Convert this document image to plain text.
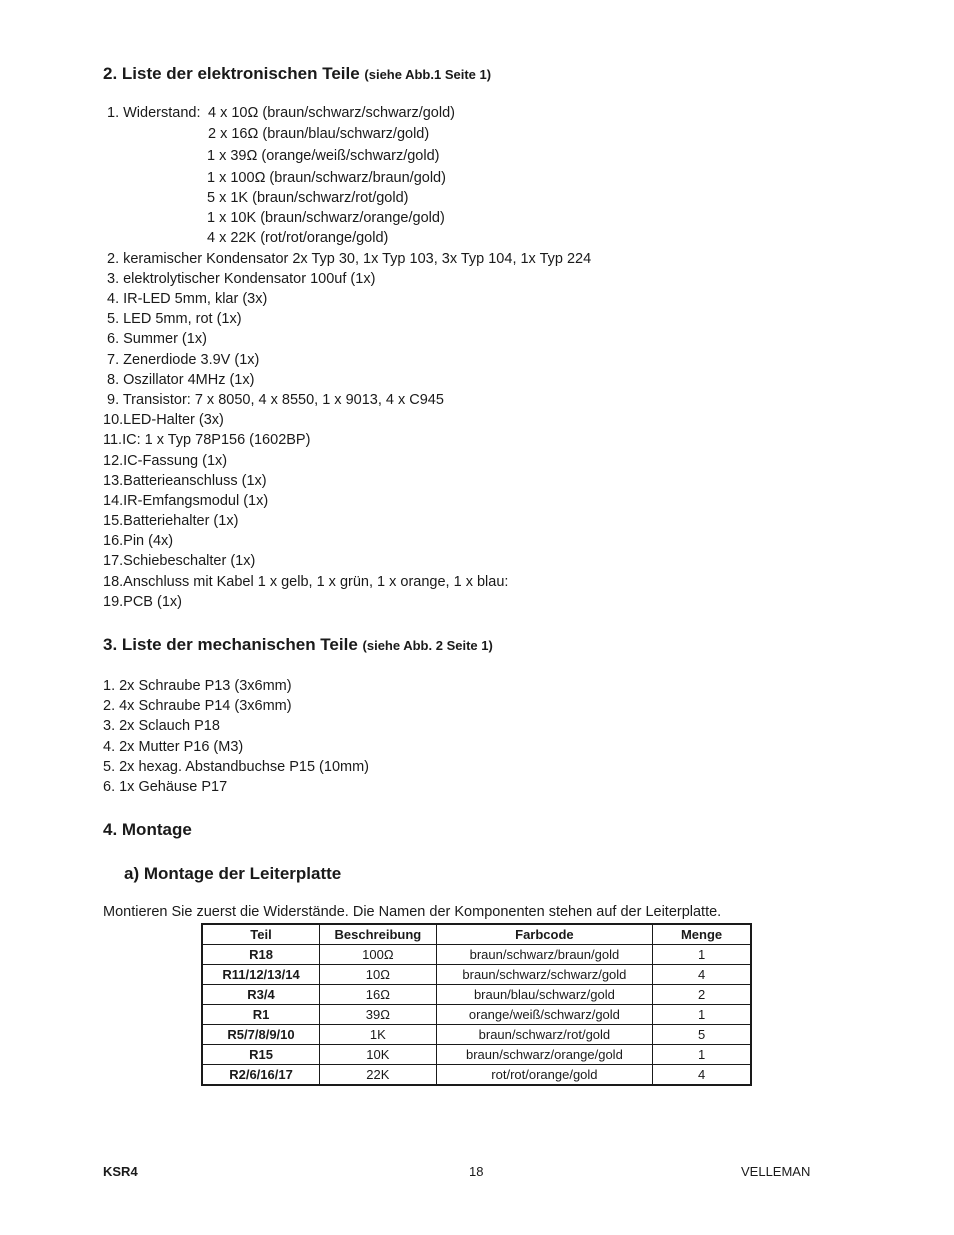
2. Liste der elektronischen Teile (siehe Abb.1 Seite 1)
1. Widerstand: 4 x 10Ω (braun/schwarz/schwarz/gold)
2 x 16Ω (braun/blau/schwarz/gold)
1 x 39Ω (orange/weiß/schwarz/gold)
1 x 100Ω (braun/schwarz/braun/gold)
5 x 1K (braun/schwarz/rot/gold)
1 x 10K (braun/schwarz/orange/gold)
4 x 22K (rot/rot/orange/gold)
2. keramischer Kondensator 2x Typ 30, 1x Typ 103, 3x Typ 104, 1x Typ 224
3. elektrolytischer Kondensator 100uf (1x)
4. IR-LED 5mm, klar (3x)
5. LED 5mm, rot (1x)
6. Summer (1x)
7. Zenerdiode 3.9V (1x)
8. Oszillator 4MHz (1x)
9. Transistor: 7 x 8050, 4 x 8550, 1 x 9013, 4 x C945
10.LED-Halter (3x)
11.IC: 1 x Typ 78P156 (1602BP)
12.IC-Fassung (1x)
13.Batterieanschluss (1x)
14.IR-Emfangsmodul (1x)
15.Batteriehalter (1x)
16.Pin (4x)
17.Schiebeschalter (1x)
18.Anschluss mit Kabel 1 x gelb, 1 x grün, 1 x orange, 1 x blau:
19.PCB (1x)
3. Liste der mechanischen Teile (siehe Abb. 2 Seite 1)
1. 2x Schraube P13 (3x6mm)
2. 4x Schraube P14 (3x6mm)
3. 2x Sclauch P18
4. 2x Mutter P16 (M3)
5. 2x hexag. Abstandbuchse P15 (10mm)
6. 1x Gehäuse P17
4. Montage
a) Montage der Leiterplatte
Montieren Sie zuerst die Widerstände. Die Namen der Komponenten stehen auf der Leiterplatte.
Teil	Beschreibung	Farbcode	Menge
R18	100Ω	braun/schwarz/braun/gold	1
R11/12/13/14	10Ω	braun/schwarz/schwarz/gold	4
R3/4	16Ω	braun/blau/schwarz/gold	2
R1	39Ω	orange/weiß/schwarz/gold	1
R5/7/8/9/10	1K	braun/schwarz/rot/gold	5
R15	10K	braun/schwarz/orange/gold	1
R2/6/16/17	22K	rot/rot/orange/gold	4
KSR4	18	VELLEMAN
